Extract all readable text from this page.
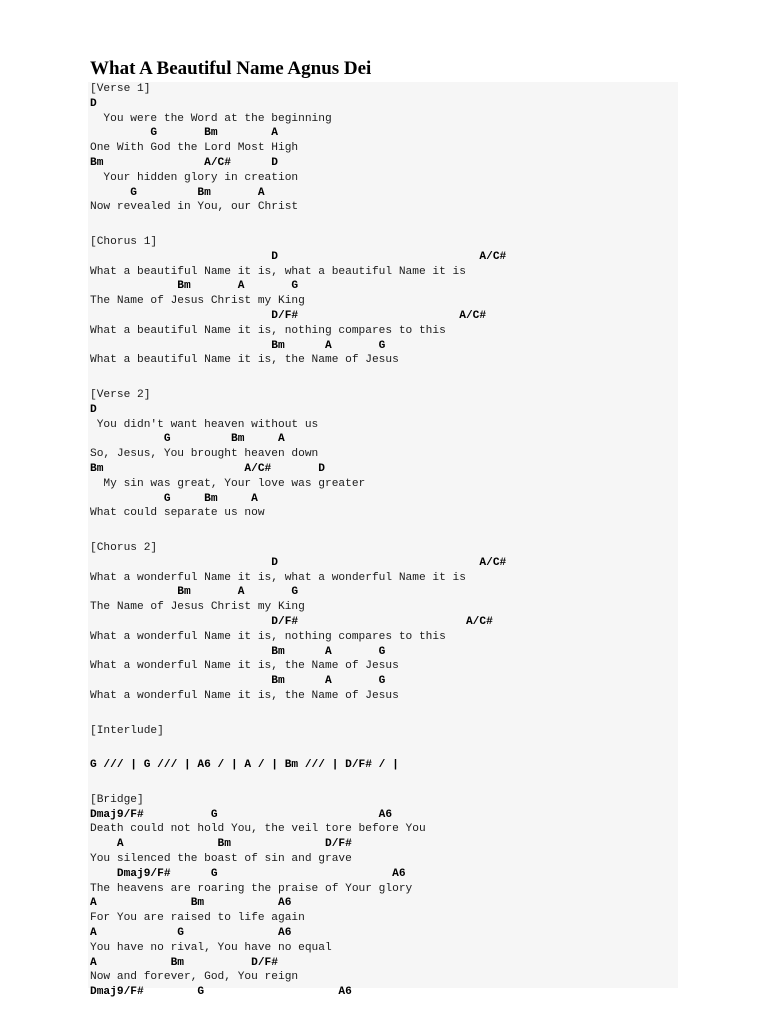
What A Beautiful Name Agnus Dei
[Verse 1]
D
You were the Word at the beginning
G       Bm        A
One With God the Lord Most High
Bm               A/C#      D
Your hidden glory in creation
G         Bm       A
Now revealed in You, our Christ
[Chorus 1]
D                              A/C#
What a beautiful Name it is, what a beautiful Name it is
Bm       A       G
The Name of Jesus Christ my King
D/F#                        A/C#
What a beautiful Name it is, nothing compares to this
Bm      A       G
What a beautiful Name it is, the Name of Jesus
[Verse 2]
D
You didn't want heaven without us
G         Bm     A
So, Jesus, You brought heaven down
Bm                     A/C#       D
My sin was great, Your love was greater
G     Bm     A
What could separate us now
[Chorus 2]
D                              A/C#
What a wonderful Name it is, what a wonderful Name it is
Bm       A       G
The Name of Jesus Christ my King
D/F#                         A/C#
What a wonderful Name it is, nothing compares to this
Bm      A       G
What a wonderful Name it is, the Name of Jesus
Bm      A       G
What a wonderful Name it is, the Name of Jesus
[Interlude]
G /// | G /// | A6 / | A / | Bm /// | D/F# / |
[Bridge]
Dmaj9/F#          G                        A6
Death could not hold You, the veil tore before You
A              Bm              D/F#
You silenced the boast of sin and grave
Dmaj9/F#      G                          A6
The heavens are roaring the praise of Your glory
A              Bm           A6
For You are raised to life again
A            G              A6
You have no rival, You have no equal
A           Bm          D/F#
Now and forever, God, You reign
Dmaj9/F#        G                    A6
